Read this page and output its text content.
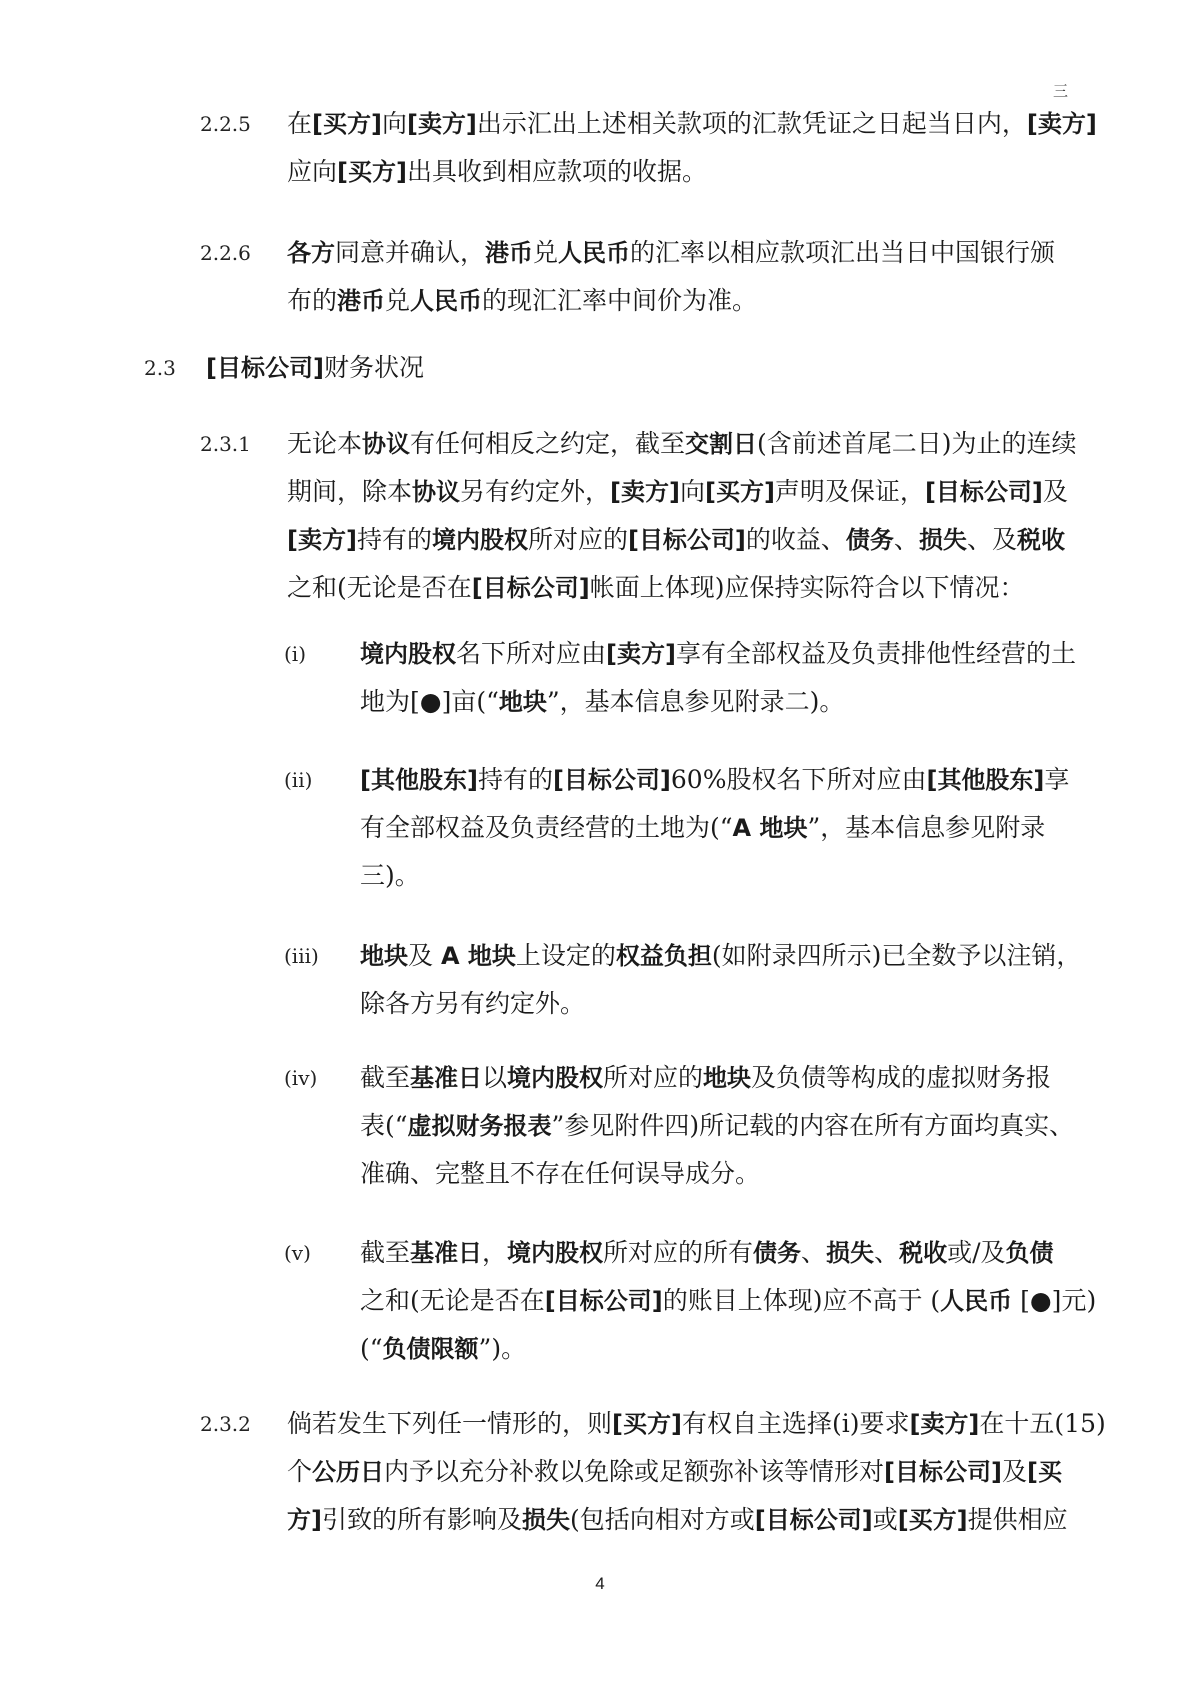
三
2.2.5 在[买方]向[卖方]出示汇出上述相关款项的汇款凭证之日起当日内，[卖方]
应向[买方]出具收到相应款项的收据。
2.2.6 各方同意并确认，港币兑人民币的汇率以相应款项汇出当日中国银行颁
布的港币兑人民币的现汇汇率中间价为准。
2.3 [目标公司]财务状况
2.3.1 无论本协议有任何相反之约定，截至交割日(含前述首尾二日)为止的连续
期间，除本协议另有约定外，[卖方]向[买方]声明及保证，[目标公司]及
[卖方]持有的境内股权所对应的[目标公司]的收益、债务、损失、及税收
之和(无论是否在[目标公司]帐面上体现)应保持实际符合以下情况：
(i) 境内股权名下所对应由[卖方]享有全部权益及负责排他性经营的土
地为[●]亩(“地块”，基本信息参见附录二)。
(ii) [其他股东]持有的[目标公司]60%股权名下所对应由[其他股东]享
有全部权益及负责经营的土地为(“A 地块”，基本信息参见附录
三)。
(iii) 地块及 A 地块上设定的权益负担(如附录四所示)已全数予以注销，
除各方另有约定外。
(iv) 截至基准日以境内股权所对应的地块及负债等构成的虚拟财务报
表(“虚拟财务报表”参见附件四)所记载的内容在所有方面均真实、
准确、完整且不存在任何误导成分。
(v) 截至基准日，境内股权所对应的所有债务、损失、税收或/及负债
之和(无论是否在[目标公司]的账目上体现)应不高于 (人民币 [●]元)
(“负债限额”)。
2.3.2 倘若发生下列任一情形的，则[买方]有权自主选择(i)要求[卖方]在十五(15)
个公历日内予以充分补救以免除或足额弥补该等情形对[目标公司]及[买
方]引致的所有影响及损失(包括向相对方或[目标公司]或[买方]提供相应
4
